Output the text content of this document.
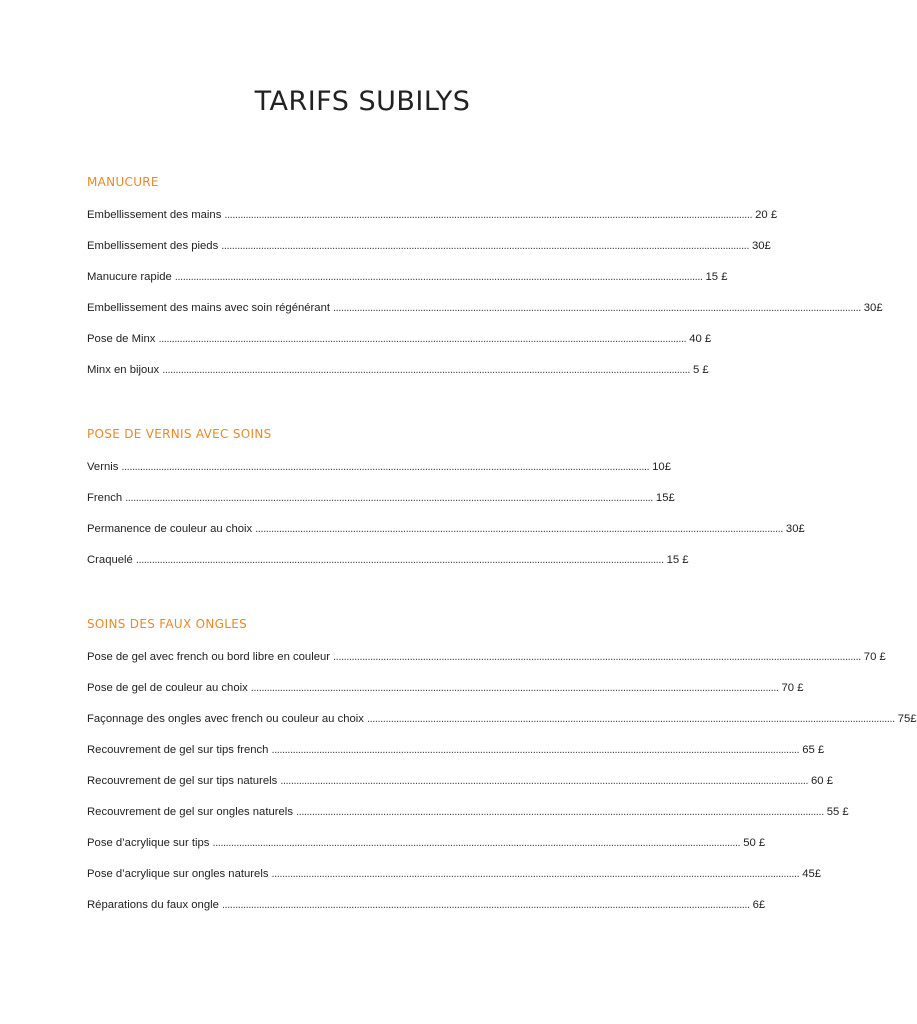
TARIFS SUBILYS
MANUCURE
Embellissement des mains ........................................................................................................................................................................................................ 20 £
Embellissement des pieds ........................................................................................................................................................................................................ 30£
Manucure rapide ........................................................................................................................................................................................................ 15 £
Embellissement des mains avec soin régénérant ........................................................................................................................................................................................................ 30£
Pose de Minx ........................................................................................................................................................................................................ 40 £
Minx en bijoux ........................................................................................................................................................................................................ 5 £
POSE DE VERNIS AVEC SOINS
Vernis ........................................................................................................................................................................................................ 10£
French ........................................................................................................................................................................................................ 15£
Permanence de couleur au choix ........................................................................................................................................................................................................ 30£
Craquelé ........................................................................................................................................................................................................ 15 £
SOINS DES FAUX ONGLES
Pose de gel avec french ou bord libre en couleur ........................................................................................................................................................................................................ 70 £
Pose de gel de couleur au choix ........................................................................................................................................................................................................ 70 £
Façonnage des ongles avec french ou couleur au choix ........................................................................................................................................................................................................ 75£
Recouvrement de gel sur tips french ........................................................................................................................................................................................................ 65 £
Recouvrement de gel sur tips naturels ........................................................................................................................................................................................................ 60 £
Recouvrement de gel sur ongles naturels ........................................................................................................................................................................................................ 55 £
Pose d’acrylique sur tips ........................................................................................................................................................................................................ 50 £
Pose d’acrylique sur ongles naturels ........................................................................................................................................................................................................ 45£
Réparations du faux ongle ........................................................................................................................................................................................................ 6£
